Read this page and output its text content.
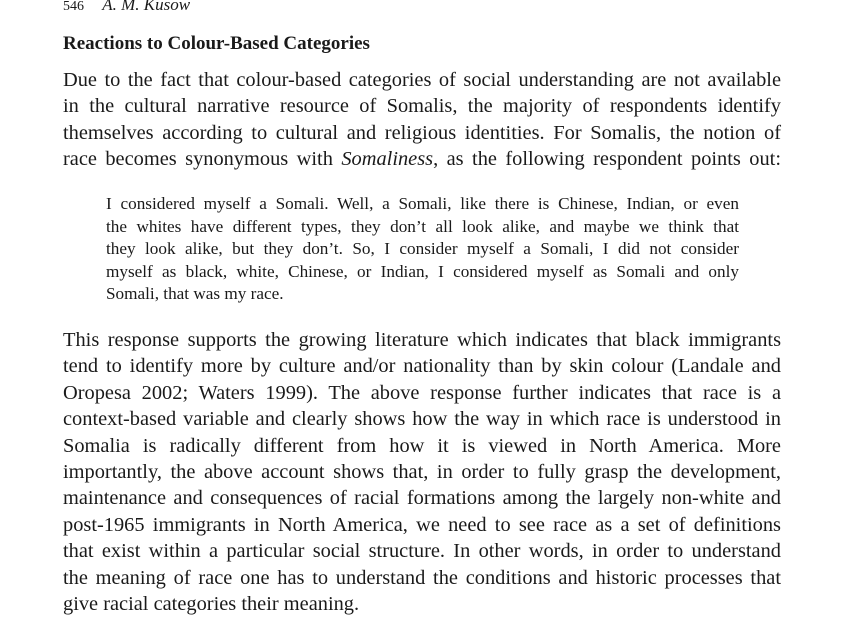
546 A. M. Kusow
Reactions to Colour-Based Categories

Due to the fact that colour-based categories of social understanding are not available
in the cultural narrative resource of Somalis, the majority of respondents identify
themselves according to cultural and religious identities. For Somalis, the notion of
race becomes synonymous with Somaliness, as the following respondent points out:

I considered myself a Somali. Well, a Somali, like there is Chinese, Indian, or even
the whites have different types, they don’t all look alike, and maybe we think that
they look alike, but they don’t. So, I consider myself a Somali, I did not consider
myself as black, white, Chinese, or Indian, I considered myself as Somali and only
Somali, that was my race.

This response supports the growing literature which indicates that black immigrants
tend to identify more by culture and/or nationality than by skin colour (Landale and
Oropesa 2002; Waters 1999). The above response further indicates that race is a
context-based variable and clearly shows how the way in which race is understood in
Somalia is radically different from how it is viewed in North America. More
importantly, the above account shows that, in order to fully grasp the development,
maintenance and consequences of racial formations among the largely non-white and
post-1965 immigrants in North America, we need to see race as a set of definitions
that exist within a particular social structure. In other words, in order to understand
the meaning of race one has to understand the conditions and historic processes that
give racial categories their meaning.
